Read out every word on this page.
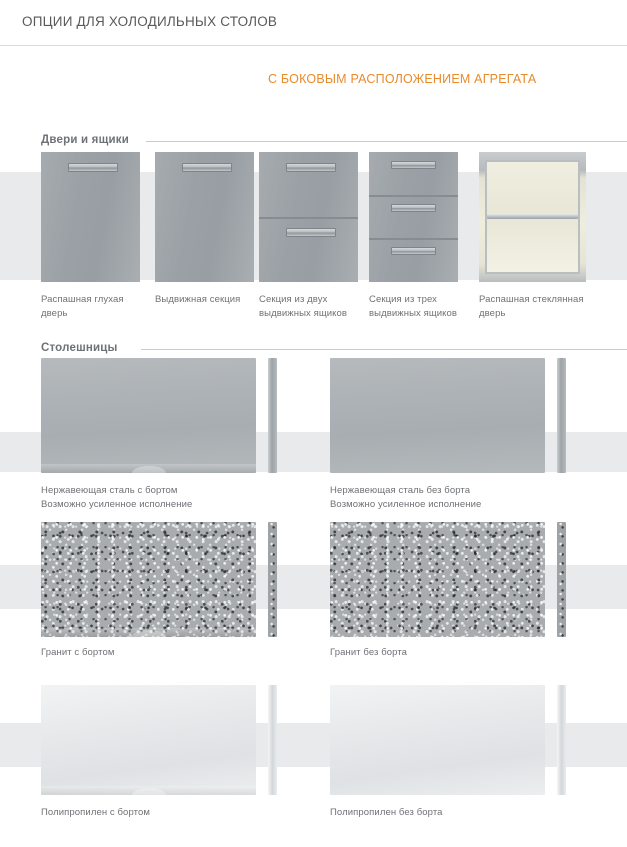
ОПЦИИ ДЛЯ ХОЛОДИЛЬНЫХ СТОЛОВ
С БОКОВЫМ РАСПОЛОЖЕНИЕМ АГРЕГАТА
Двери и ящики
Распашная глухая дверь
Выдвижная секция	Секция из двух выдвижных ящиков
Секция из трех выдвижных ящиков
Распашная стеклянная дверь
Столешницы
Нержавеющая сталь с бортом
Возможно усиленное исполнение
Нержавеющая сталь без борта
Возможно усиленное исполнение
Гранит с бортом	Гранит без борта
Полипропилен с бортом	Полипропилен без борта
